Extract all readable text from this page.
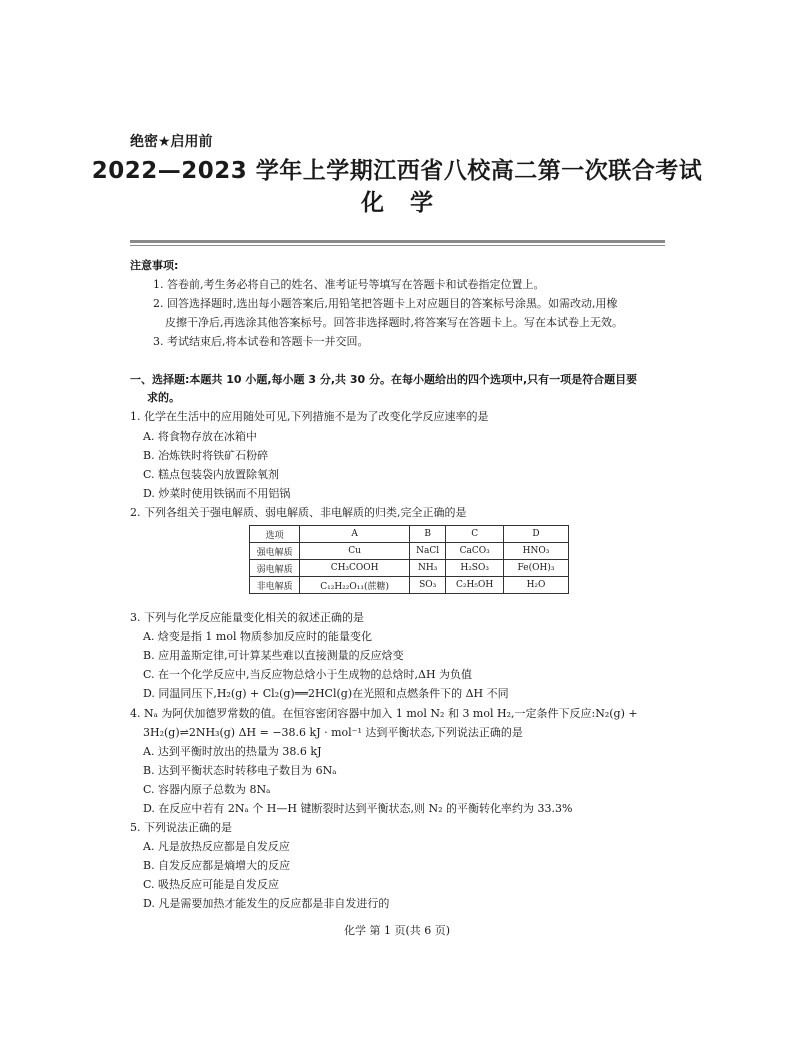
绝密★启用前
2022—2023 学年上学期江西省八校高二第一次联合考试
化学
注意事项:
1. 答卷前,考生务必将自己的姓名、准考证号等填写在答题卡和试卷指定位置上。
2. 回答选择题时,选出每小题答案后,用铅笔把答题卡上对应题目的答案标号涂黑。如需改动,用橡
皮擦干净后,再选涂其他答案标号。回答非选择题时,将答案写在答题卡上。写在本试卷上无效。
3. 考试结束后,将本试卷和答题卡一并交回。
一、选择题:本题共 10 小题,每小题 3 分,共 30 分。在每小题给出的四个选项中,只有一项是符合题目要
求的。
1. 化学在生活中的应用随处可见,下列措施不是为了改变化学反应速率的是
A. 将食物存放在冰箱中
B. 冶炼铁时将铁矿石粉碎
C. 糕点包装袋内放置除氧剂
D. 炒菜时使用铁锅而不用铝锅
2. 下列各组关于强电解质、弱电解质、非电解质的归类,完全正确的是
选项	A	B	C	D
强电解质	Cu	NaCl	CaCO₃	HNO₃
弱电解质	CH₃COOH	NH₃	H₂SO₃	Fe(OH)₃
非电解质	C₁₂H₂₂O₁₁(蔗糖)	SO₃	C₂H₅OH	H₂O
3. 下列与化学反应能量变化相关的叙述正确的是
A. 焓变是指 1 mol 物质参加反应时的能量变化
B. 应用盖斯定律,可计算某些难以直接测量的反应焓变
C. 在一个化学反应中,当反应物总焓小于生成物的总焓时,ΔH 为负值
D. 同温同压下,H₂(g) + Cl₂(g)══2HCl(g)在光照和点燃条件下的 ΔH 不同
4. Nₐ 为阿伏加德罗常数的值。在恒容密闭容器中加入 1 mol N₂ 和 3 mol H₂,一定条件下反应:N₂(g) +
3H₂(g)⇌2NH₃(g) ΔH = −38.6 kJ · mol⁻¹ 达到平衡状态,下列说法正确的是
A. 达到平衡时放出的热量为 38.6 kJ
B. 达到平衡状态时转移电子数目为 6Nₐ
C. 容器内原子总数为 8Nₐ
D. 在反应中若有 2Nₐ 个 H—H 键断裂时达到平衡状态,则 N₂ 的平衡转化率约为 33.3%
5. 下列说法正确的是
A. 凡是放热反应都是自发反应
B. 自发反应都是熵增大的反应
C. 吸热反应可能是自发反应
D. 凡是需要加热才能发生的反应都是非自发进行的
化学 第 1 页(共 6 页)
